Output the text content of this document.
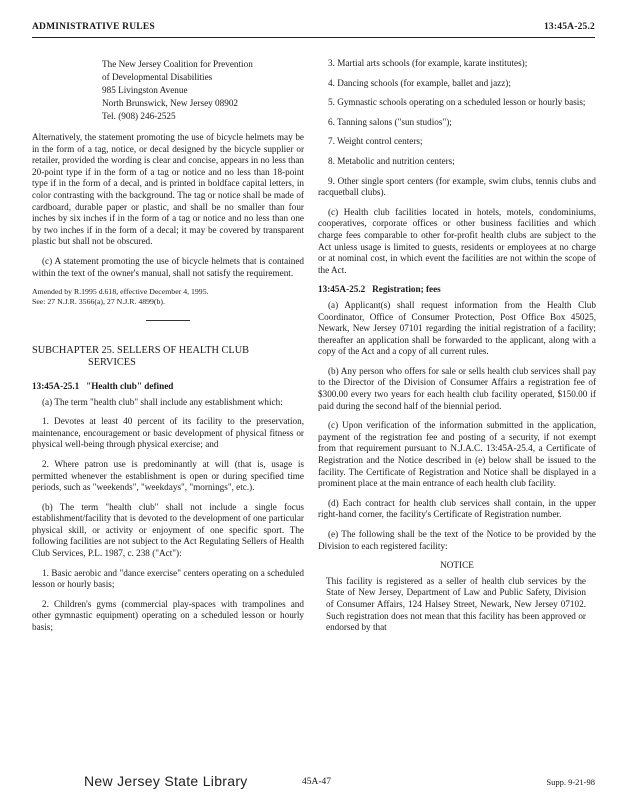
ADMINISTRATIVE RULES	13:45A-25.2
The New Jersey Coalition for Prevention
of Developmental Disabilities
985 Livingston Avenue
North Brunswick, New Jersey 08902
Tel. (908) 246-2525

Alternatively, the statement promoting the use of bicycle helmets may be in the form of a tag, notice, or decal designed by the bicycle supplier or retailer, provided the wording is clear and concise, appears in no less than 20-point type if in the form of a tag or notice and no less than 18-point type if in the form of a decal, and is printed in boldface capital letters, in color contrasting with the background. The tag or notice shall be made of cardboard, durable paper or plastic, and shall be no smaller than four inches by six inches if in the form of a tag or notice and no less than one by two inches if in the form of a decal; it may be covered by transparent plastic but shall not be obscured.

(c) A statement promoting the use of bicycle helmets that is contained within the text of the owner's manual, shall not satisfy the requirement.

Amended by R.1995 d.618, effective December 4, 1995.
See: 27 N.J.R. 3566(a), 27 N.J.R. 4899(b).
SUBCHAPTER 25. SELLERS OF HEALTH CLUB
SERVICES

13:45A-25.1 "Health club" defined

(a) The term "health club" shall include any establishment which:

1. Devotes at least 40 percent of its facility to the preservation, maintenance, encouragement or basic development of physical fitness or physical well-being through physical exercise; and

2. Where patron use is predominantly at will (that is, usage is permitted whenever the establishment is open or during specified time periods, such as "weekends", "weekdays", "mornings", etc.).

(b) The term "health club" shall not include a single focus establishment/facility that is devoted to the development of one particular physical skill, or activity or enjoyment of one specific sport. The following facilities are not subject to the Act Regulating Sellers of Health Club Services, P.L. 1987, c. 238 ("Act"):

1. Basic aerobic and "dance exercise" centers operating on a scheduled lesson or hourly basis;

2. Children's gyms (commercial play-spaces with trampolines and other gymnastic equipment) operating on a scheduled lesson or hourly basis;

3. Martial arts schools (for example, karate institutes);

4. Dancing schools (for example, ballet and jazz);

5. Gymnastic schools operating on a scheduled lesson or hourly basis;

6. Tanning salons ("sun studios");

7. Weight control centers;

8. Metabolic and nutrition centers;

9. Other single sport centers (for example, swim clubs, tennis clubs and racquetball clubs).

(c) Health club facilities located in hotels, motels, condominiums, cooperatives, corporate offices or other business facilities and which charge fees comparable to other for-profit health clubs are subject to the Act unless usage is limited to guests, residents or employees at no charge or at nominal cost, in which event the facilities are not within the scope of the Act.

13:45A-25.2 Registration; fees

(a) Applicant(s) shall request information from the Health Club Coordinator, Office of Consumer Protection, Post Office Box 45025, Newark, New Jersey 07101 regarding the initial registration of a facility; thereafter an application shall be forwarded to the applicant, along with a copy of the Act and a copy of all current rules.

(b) Any person who offers for sale or sells health club services shall pay to the Director of the Division of Consumer Affairs a registration fee of $300.00 every two years for each health club facility operated, $150.00 if paid during the second half of the biennial period.

(c) Upon verification of the information submitted in the application, payment of the registration fee and posting of a security, if not exempt from that requirement pursuant to N.J.A.C. 13:45A-25.4, a Certificate of Registration and the Notice described in (e) below shall be issued to the facility. The Certificate of Registration and Notice shall be displayed in a prominent place at the main entrance of each health club facility.

(d) Each contract for health club services shall contain, in the upper right-hand corner, the facility's Certificate of Registration number.

(e) The following shall be the text of the Notice to be provided by the Division to each registered facility:

NOTICE

This facility is registered as a seller of health club services by the State of New Jersey, Department of Law and Public Safety, Division of Consumer Affairs, 124 Halsey Street, Newark, New Jersey 07102. Such registration does not mean that this facility has been approved or endorsed by that

New Jersey State Library	45A-47	Supp. 9-21-98
